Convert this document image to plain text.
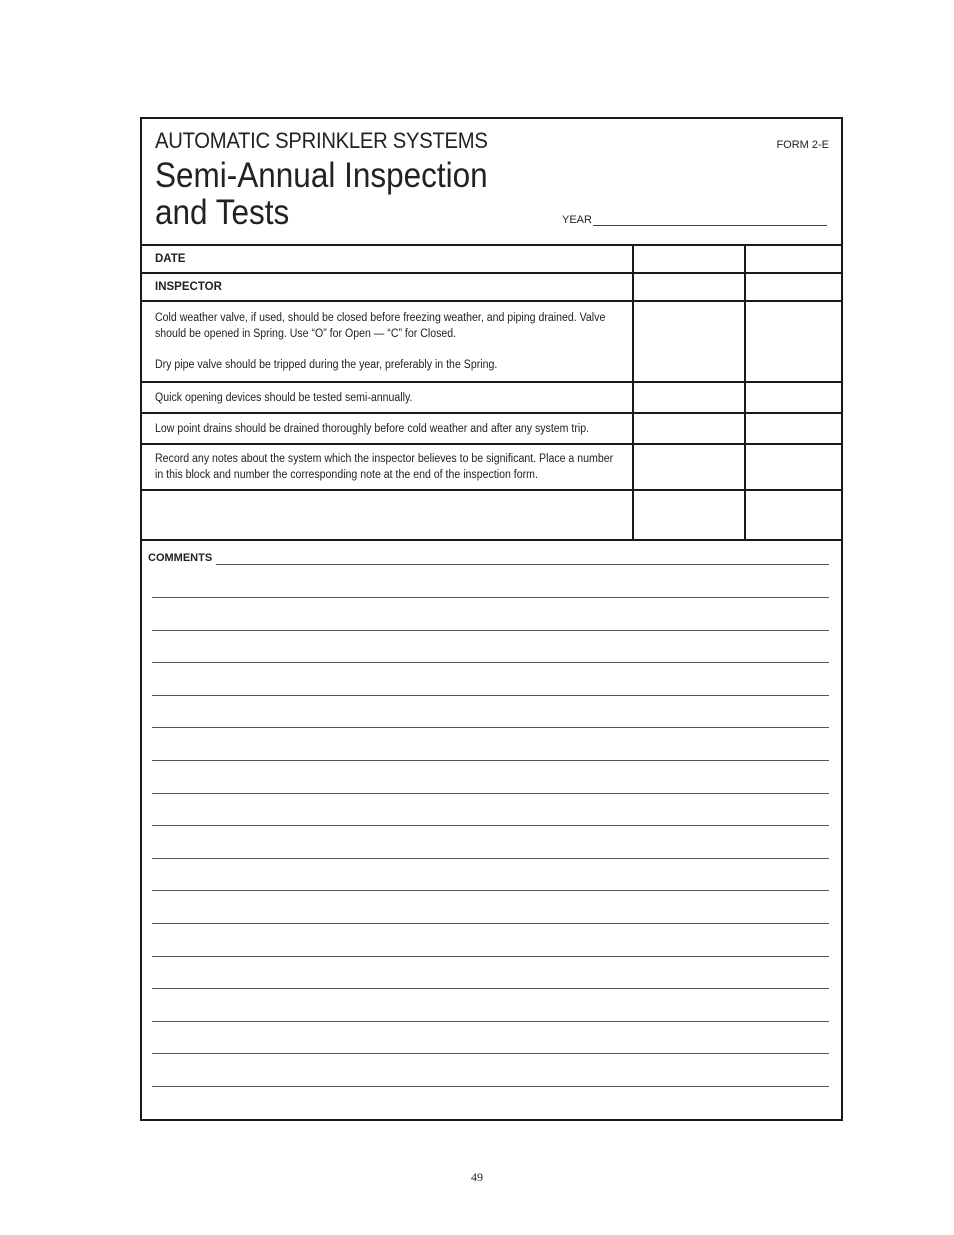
AUTOMATIC SPRINKLER SYSTEMS
Semi-Annual Inspection and Tests
FORM 2-E
YEAR
DATE		
INSPECTOR		

Cold weather valve, if used, should be closed before freezing weather, and piping drained. Valve should be opened in Spring. Use “O” for Open — “C” for Closed.

Dry pipe valve should be tripped during the year, preferably in the Spring.		

Quick opening devices should be tested semi-annually.		

Low point drains should be drained thoroughly before cold weather and after any system trip.		

Record any notes about the system which the inspector believes to be significant. Place a number in this block and number the corresponding note at the end of the inspection form.		

COMMENTS
49
